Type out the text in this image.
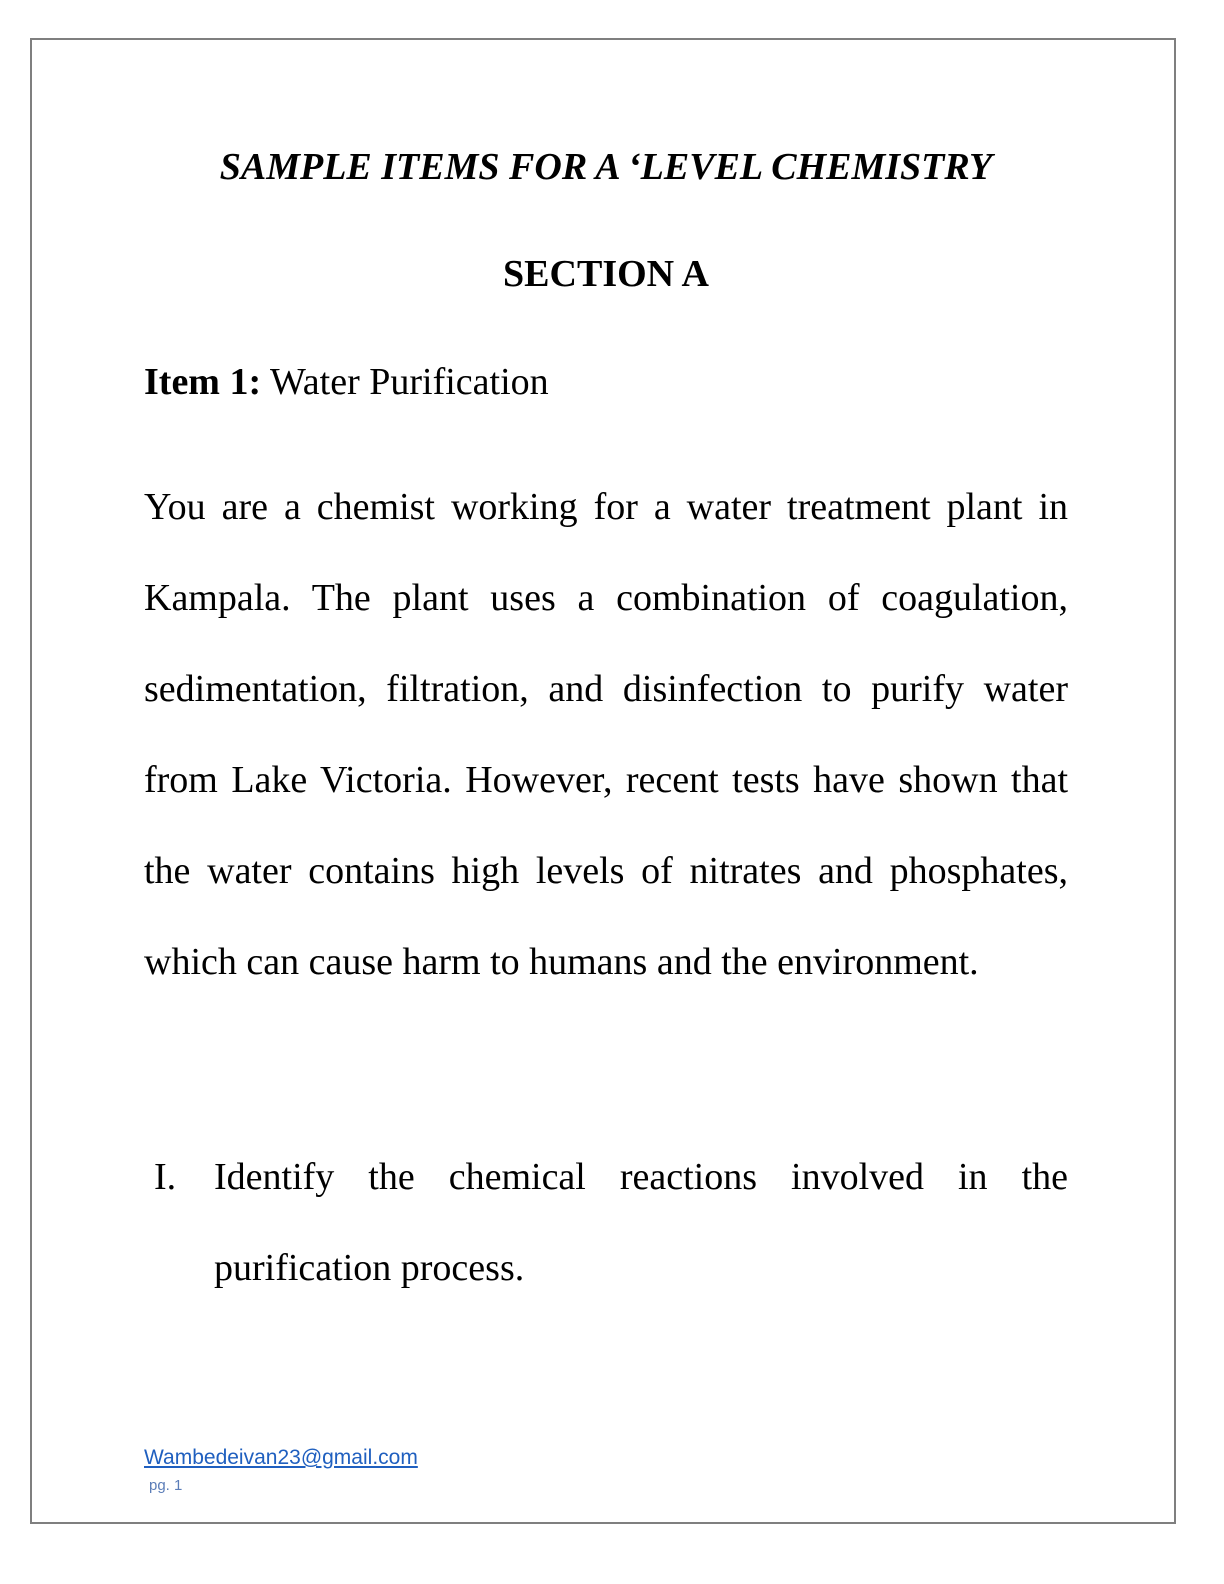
SAMPLE ITEMS FOR A ‘LEVEL CHEMISTRY
SECTION A

Item 1: Water Purification

You are a chemist working for a water treatment plant in Kampala. The plant uses a combination of coagulation, sedimentation, filtration, and disinfection to purify water from Lake Victoria. However, recent tests have shown that the water contains high levels of nitrates and phosphates, which can cause harm to humans and the environment.

I. Identify the chemical reactions involved in the purification process.

Wambedeivan23@gmail.com
pg. 1
